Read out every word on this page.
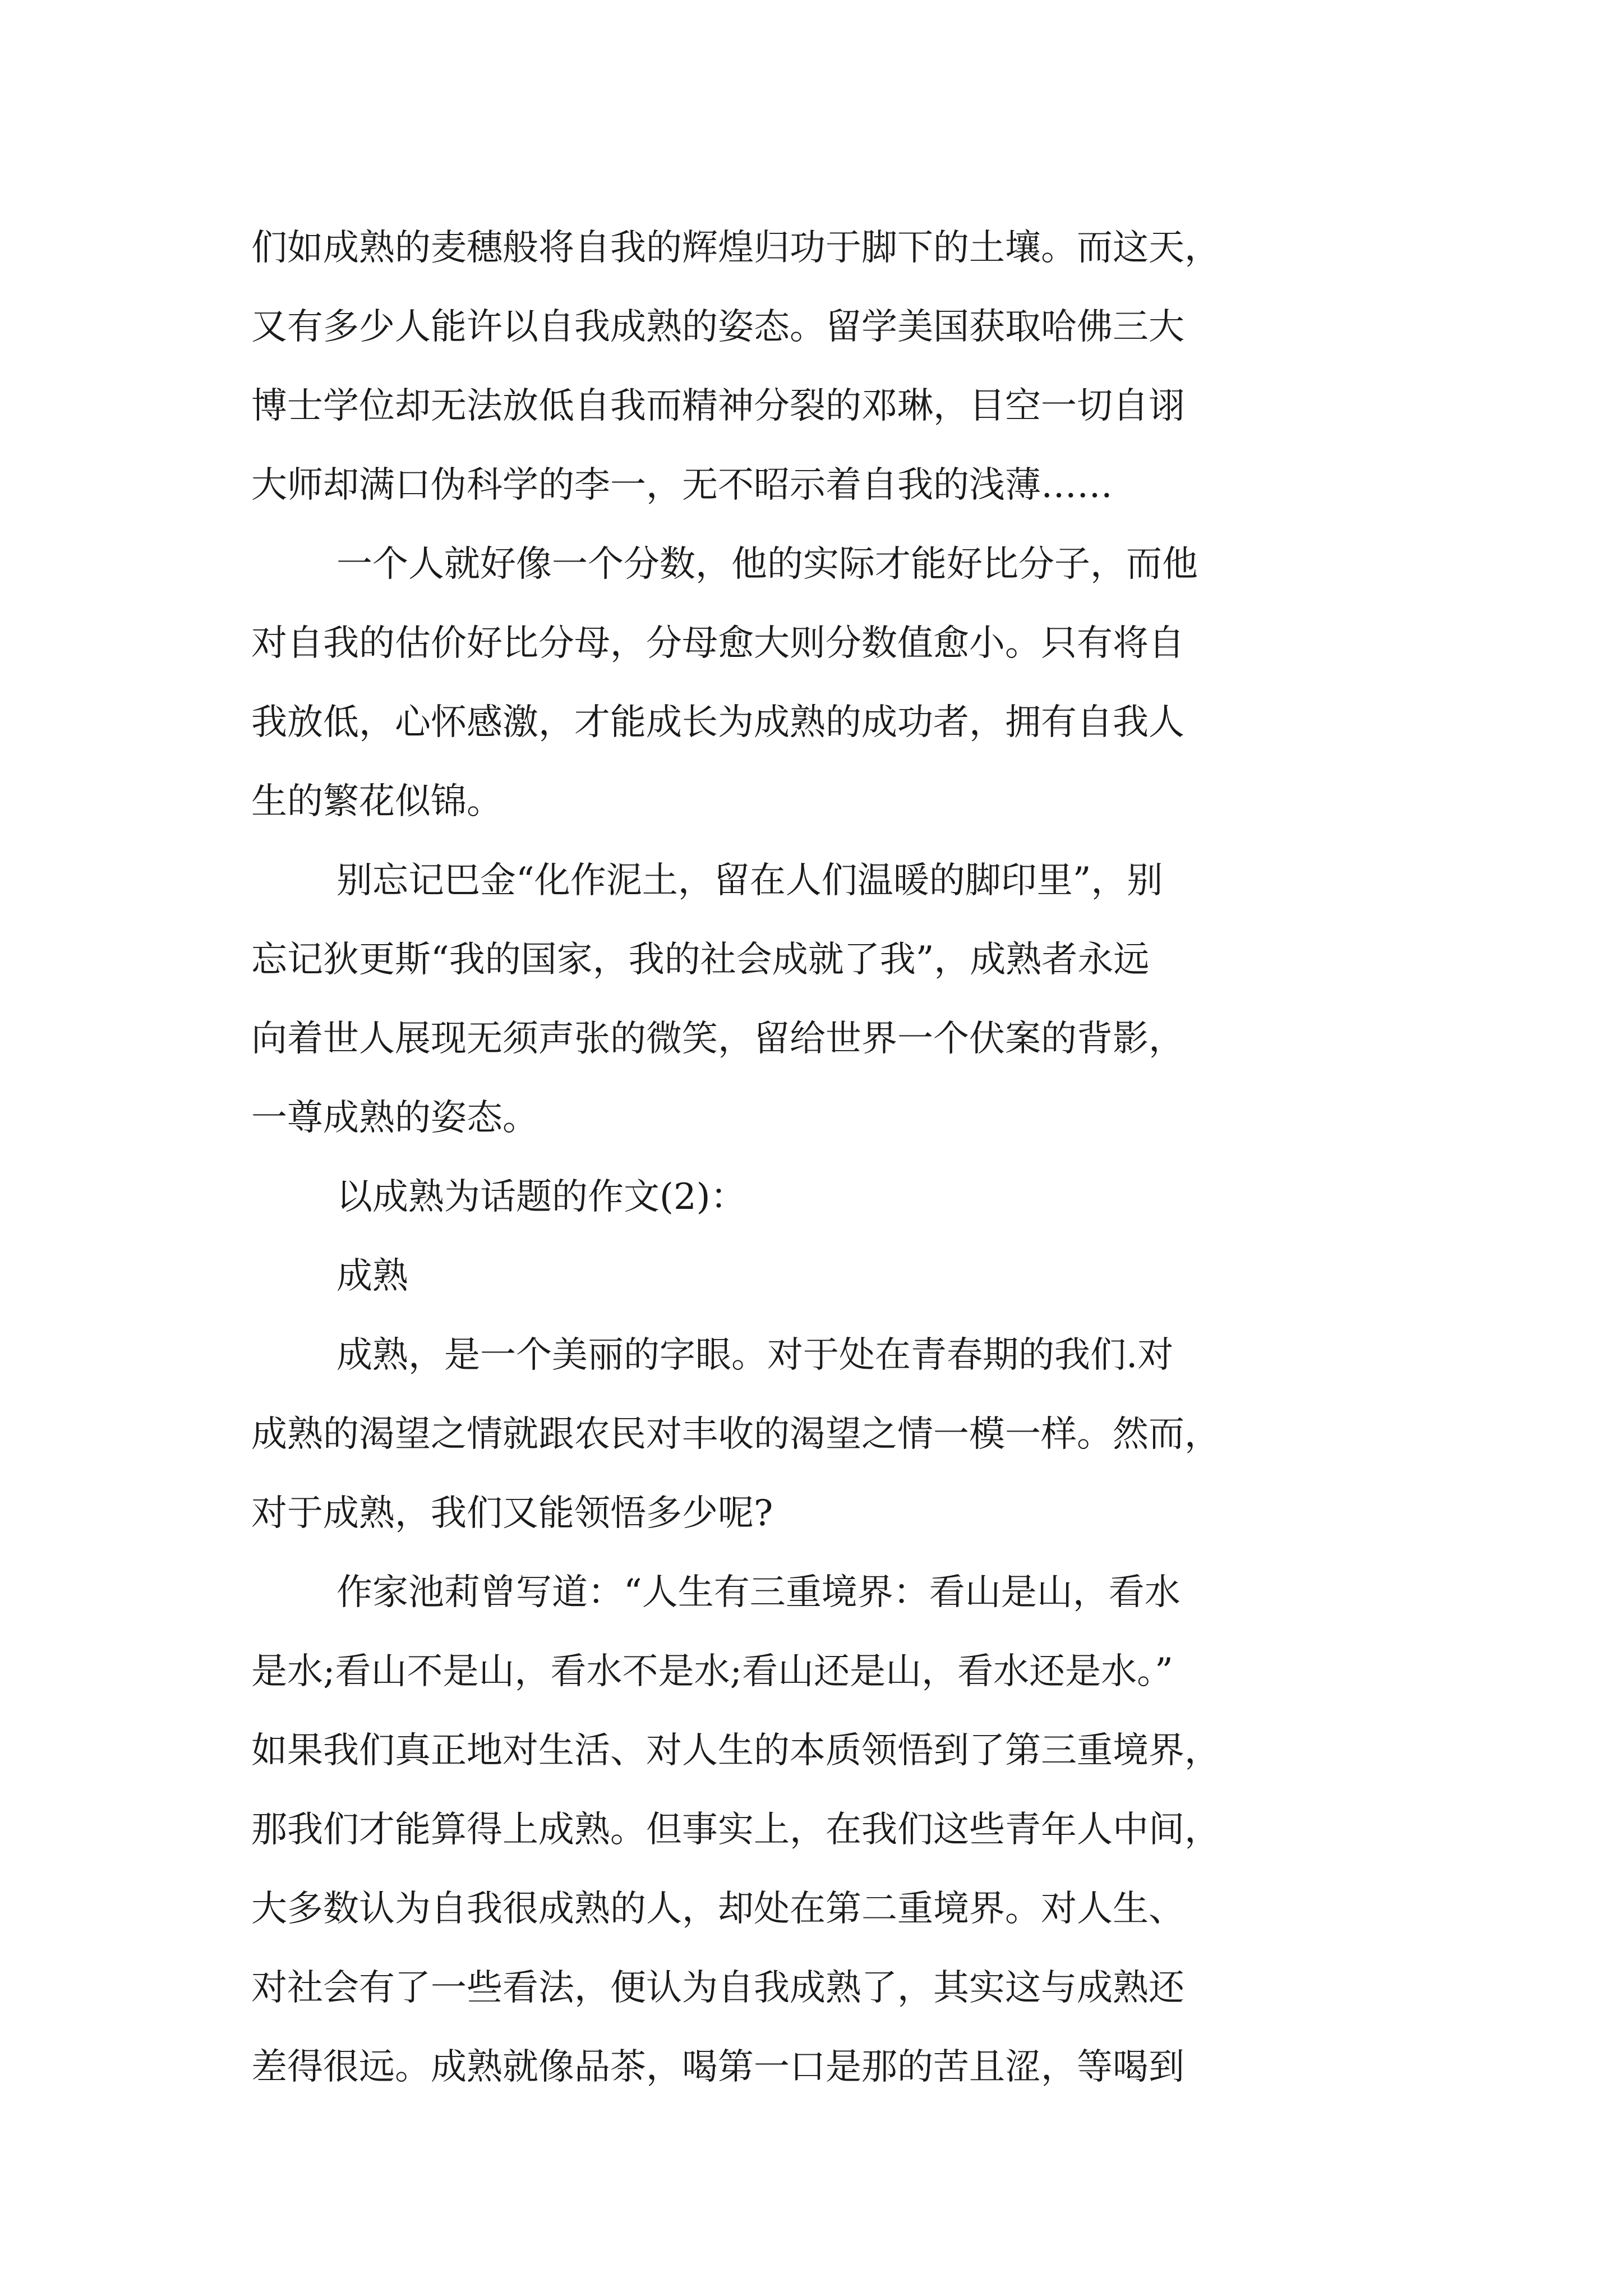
们如成熟的麦穗般将自我的辉煌归功于脚下的土壤。而这天，
又有多少人能许以自我成熟的姿态。留学美国获取哈佛三大
博士学位却无法放低自我而精神分裂的邓琳，目空一切自诩
大师却满口伪科学的李一，无不昭示着自我的浅薄……
一个人就好像一个分数，他的实际才能好比分子，而他
对自我的估价好比分母，分母愈大则分数值愈小。只有将自
我放低，心怀感激，才能成长为成熟的成功者，拥有自我人
生的繁花似锦。
别忘记巴金“化作泥土，留在人们温暖的脚印里”，别
忘记狄更斯“我的国家，我的社会成就了我”，成熟者永远
向着世人展现无须声张的微笑，留给世界一个伏案的背影，
一尊成熟的姿态。
以成熟为话题的作文(2)：
成熟
成熟，是一个美丽的字眼。对于处在青春期的我们.对
成熟的渴望之情就跟农民对丰收的渴望之情一模一样。然而，
对于成熟，我们又能领悟多少呢?
作家池莉曾写道：“人生有三重境界：看山是山，看水
是水;看山不是山，看水不是水;看山还是山，看水还是水。”
如果我们真正地对生活、对人生的本质领悟到了第三重境界，
那我们才能算得上成熟。但事实上，在我们这些青年人中间，
大多数认为自我很成熟的人，却处在第二重境界。对人生、
对社会有了一些看法，便认为自我成熟了，其实这与成熟还
差得很远。成熟就像品茶，喝第一口是那的苦且涩，等喝到
